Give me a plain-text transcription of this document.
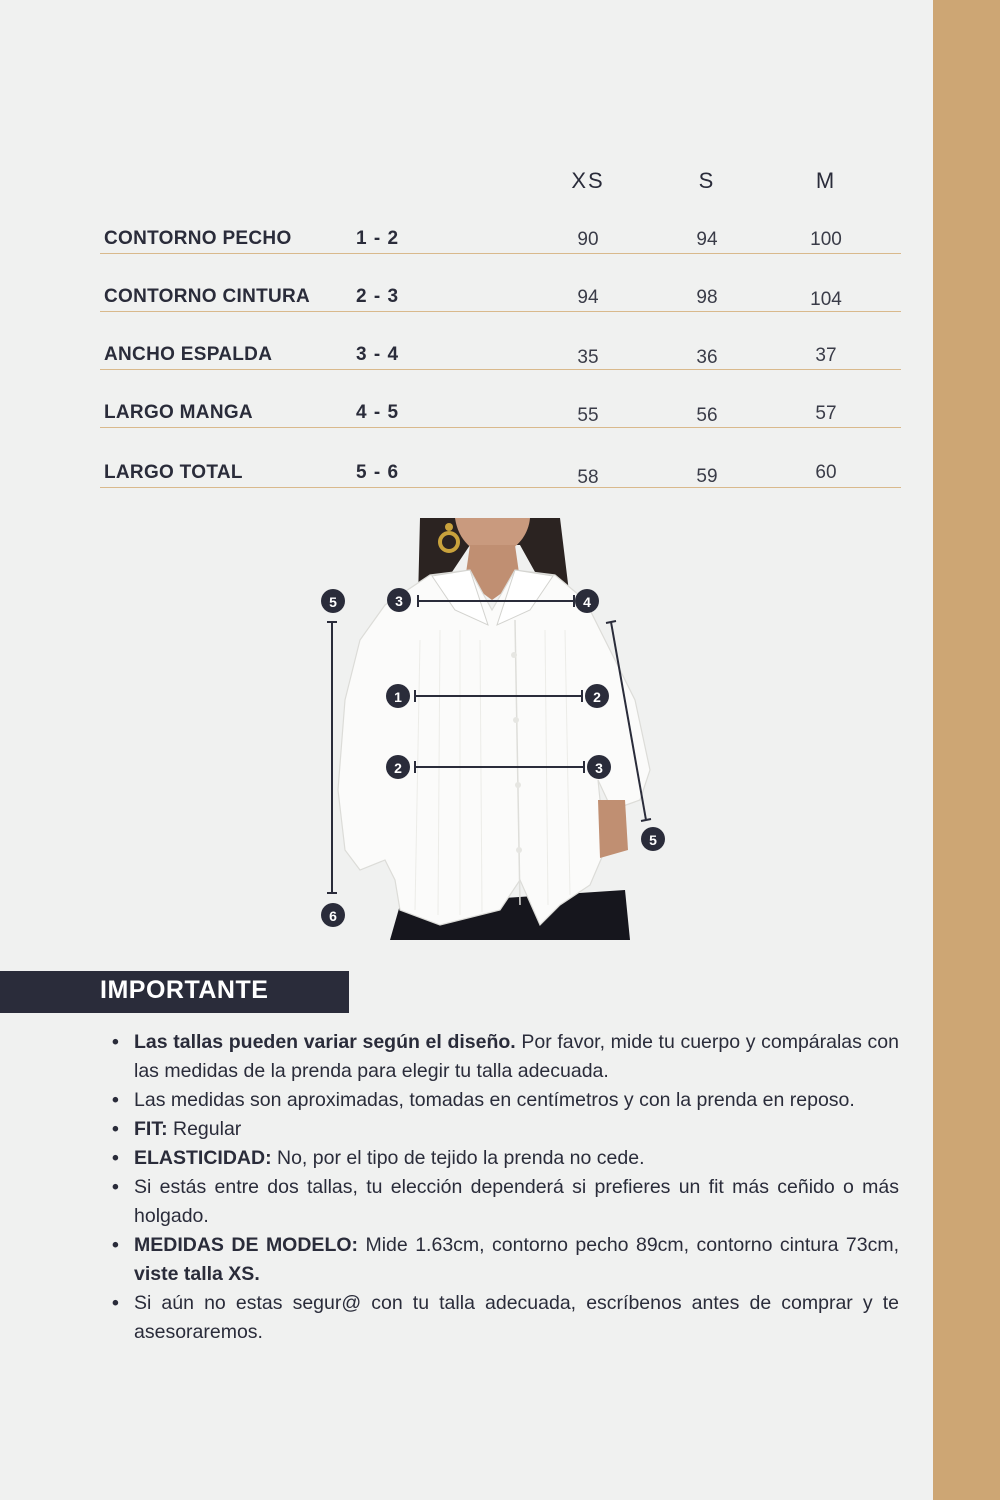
XS	S	M
CONTORNO PECHO	1 - 2	90	94	100
CONTORNO CINTURA 2 - 3	94	98	104
ANCHO ESPALDA	3 - 4	35	36	37
LARGO MANGA	4 - 5	55	56	57
LARGO TOTAL	5 - 6	58	59	60
5	3	4
1	2
2	3
5
6
IMPORTANTE
• Las tallas pueden variar según el diseño. Por favor, mide tu cuerpo y compáralas con las medidas de la prenda para elegir tu talla adecuada.
• Las medidas son aproximadas, tomadas en centímetros y con la prenda en reposo.
• FIT: Regular
• ELASTICIDAD: No, por el tipo de tejido la prenda no cede.
• Si estás entre dos tallas, tu elección dependerá si prefieres un fit más ceñido o más holgado.
• MEDIDAS DE MODELO: Mide 1.63cm, contorno pecho 89cm, contorno cintura 73cm, viste talla XS.
• Si aún no estas segur@ con tu talla adecuada, escríbenos antes de comprar y te asesoraremos.
